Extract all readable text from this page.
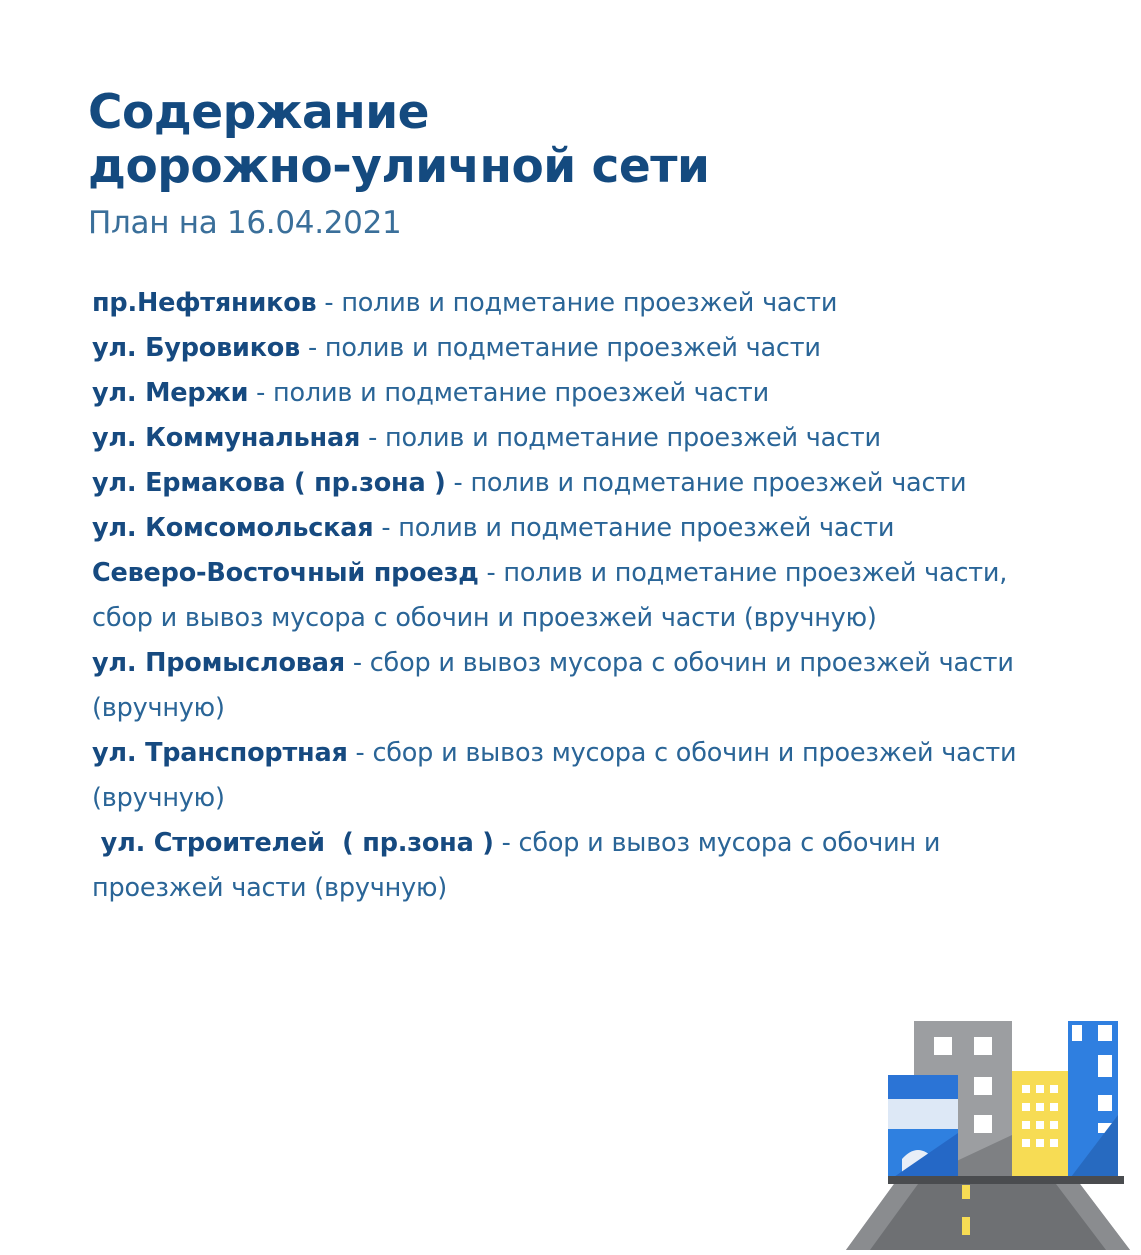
Содержание
дорожно-уличной сети
План на 16.04.2021

пр.Нефтяников - полив и подметание проезжей части

ул. Буровиков - полив и подметание проезжей части

ул. Мержи - полив и подметание проезжей части

ул. Коммунальная - полив и подметание проезжей части

ул. Ермакова ( пр.зона ) - полив и подметание проезжей части

ул. Комсомольская - полив и подметание проезжей части

Северо-Восточный проезд - полив и подметание проезжей части, сбор и вывоз мусора с обочин и проезжей части (вручную)

ул. Промысловая - сбор и вывоз мусора с обочин и проезжей части (вручную)

ул. Транспортная - сбор и вывоз мусора с обочин и проезжей части (вручную)

ул. Строителей  ( пр.зона ) - сбор и вывоз мусора с обочин и проезжей части (вручную)
